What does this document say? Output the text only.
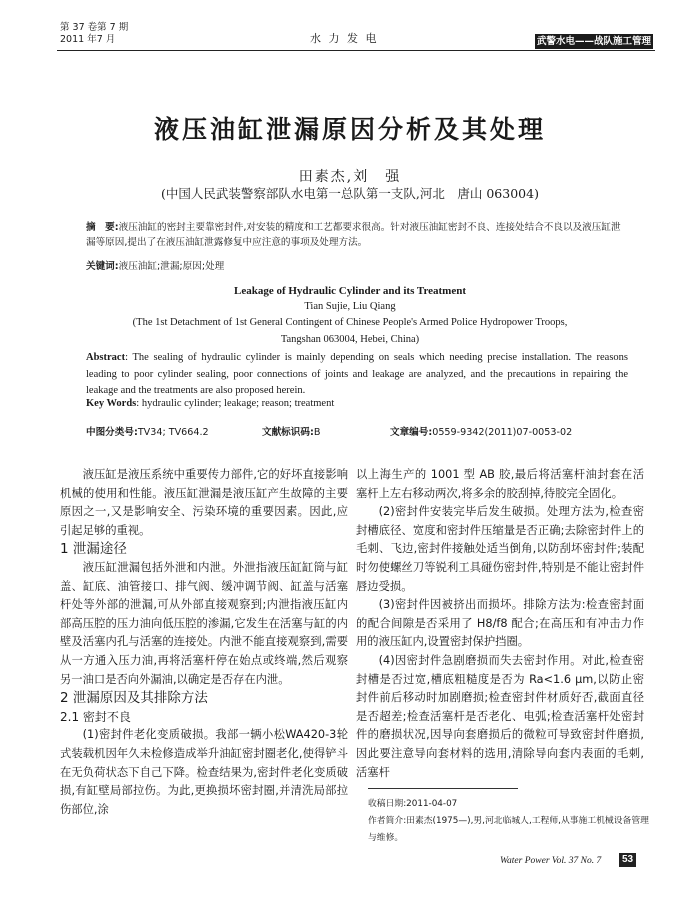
第 37 卷第 7 期
2011 年7 月	水 力 发 电	武警水电——战队施工管理
液压油缸泄漏原因分析及其处理
田素杰,刘　强
(中国人民武装警察部队水电第一总队第一支队,河北　唐山 063004)
摘　要:液压油缸的密封主要靠密封件,对安装的精度和工艺都要求很高。针对液压油缸密封不良、连接处结合不良以及液压缸泄漏等原因,提出了在液压油缸泄露修复中应注意的事项及处理方法。
关键词:液压油缸;泄漏;原因;处理
Leakage of Hydraulic Cylinder and its Treatment
Tian Sujie, Liu Qiang
(The 1st Detachment of 1st General Contingent of Chinese People's Armed Police Hydropower Troops,
Tangshan 063004, Hebei, China)
Abstract: The sealing of hydraulic cylinder is mainly depending on seals which needing precise installation. The reasons leading to poor cylinder sealing, poor connections of joints and leakage are analyzed, and the precautions in repairing the leakage and the treatments are also proposed herein.
Key Words: hydraulic cylinder; leakage; reason; treatment
中图分类号:TV34; TV664.2	文献标识码:B	文章编号:0559-9342(2011)07-0053-02

液压缸是液压系统中重要传力部件,它的好坏直接影响机械的使用和性能。液压缸泄漏是液压缸产生故障的主要原因之一,又是影响安全、污染环境的重要因素。因此,应引起足够的重视。

1 泄漏途径

液压缸泄漏包括外泄和内泄。外泄指液压缸缸筒与缸盖、缸底、油管接口、排气阀、缓冲调节阀、缸盖与活塞杆处等外部的泄漏,可从外部直接观察到;内泄指液压缸内部高压腔的压力油向低压腔的渗漏,它发生在活塞与缸的内壁及活塞内孔与活塞的连接处。内泄不能直接观察到,需要从一方通入压力油,再将活塞杆停在始点或终端,然后观察另一油口是否向外漏油,以确定是否存在内泄。

2 泄漏原因及其排除方法

2.1 密封不良

(1)密封件老化变质破损。我部一辆小松WA420-3轮式装载机因年久未检修造成举升油缸密封圈老化,使得铲斗在无负荷状态下自己下降。检查结果为,密封件老化变质破损,有缸壁局部拉伤。为此,更换损坏密封圈,并清洗局部拉伤部位,涂

以上海生产的 1001 型 AB 胶,最后将活塞杆油封套在活塞杆上左右移动两次,将多余的胶刮掉,待胶完全固化。

(2)密封件安装完毕后发生破损。处理方法为,检查密封槽底径、宽度和密封件压缩量是否正确;去除密封件上的毛刺、飞边,密封件接触处适当倒角,以防刮坏密封件;装配时勿使螺丝刀等锐利工具碰伤密封件,特别是不能让密封件唇边受损。

(3)密封件因被挤出而损坏。排除方法为:检查密封面的配合间隙是否采用了 H8/f8 配合;在高压和有冲击力作用的液压缸内,设置密封保护挡圈。

(4)因密封件急剧磨损而失去密封作用。对此,检查密封槽是否过宽,槽底粗糙度是否为 Ra<1.6 μm,以防止密封件前后移动时加剧磨损;检查密封件材质好否,截面直径是否超差;检查活塞杆是否老化、电弧;检查活塞杆处密封件的磨损状况,因导向套磨损后的微粒可导致密封件磨损,因此要注意导向套材料的选用,清除导向套内表面的毛刺,活塞杆

收稿日期:2011-04-07
作者简介:田素杰(1975—),男,河北临城人,工程师,从事施工机械设备管理与维修。
Water Power Vol. 37 No. 7 53
